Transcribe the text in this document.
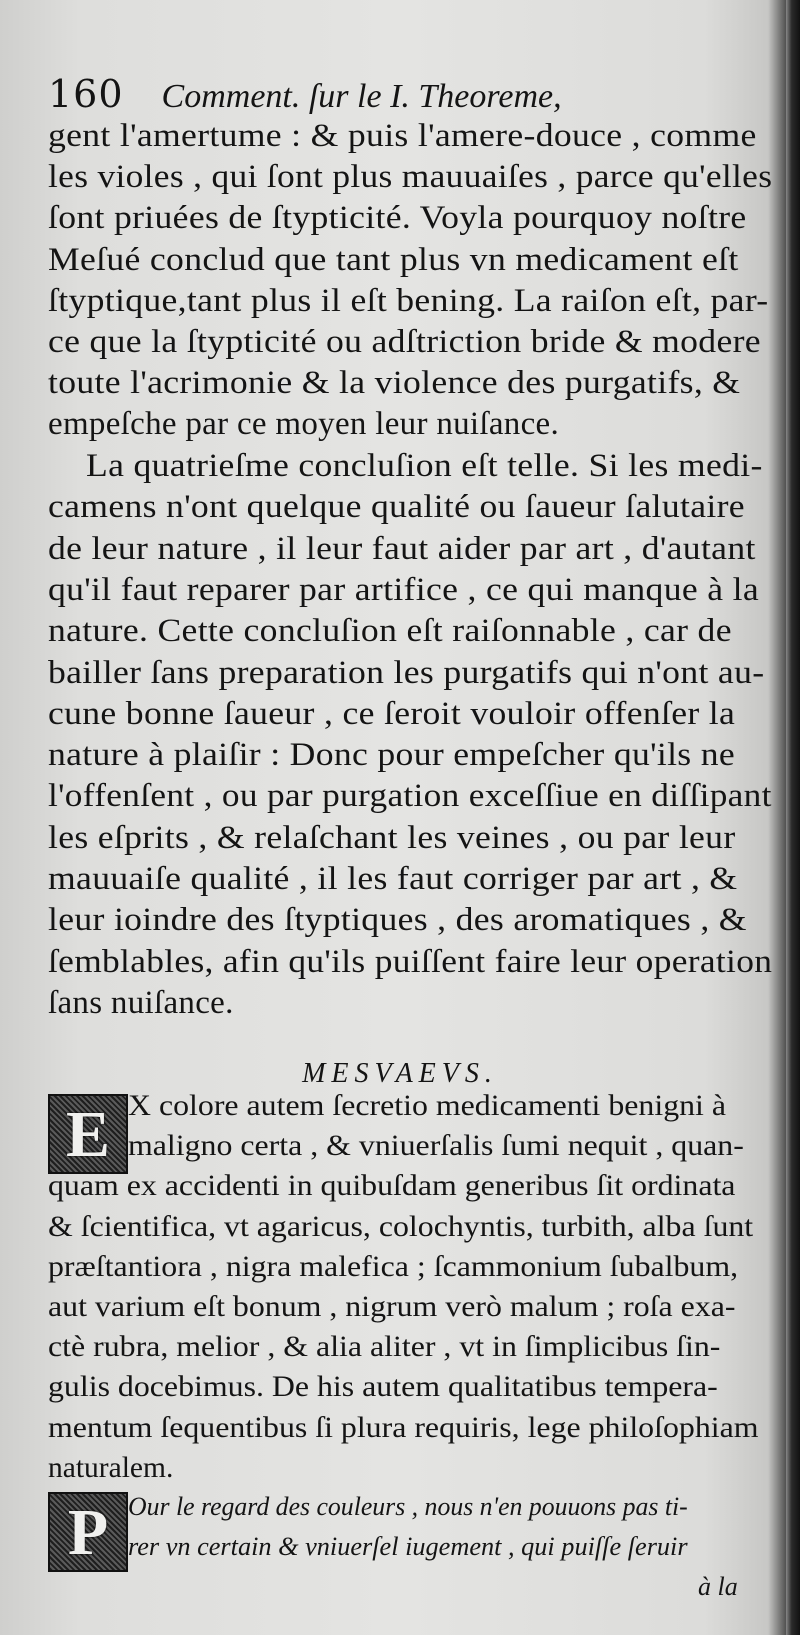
160 Comment. ſur le I. Theoreme,
gent l'amertume : & puis l'amere-douce , comme
les violes , qui ſont plus mauuaiſes , parce qu'elles
ſont priuées de ſtypticité. Voyla pourquoy noſtre
Meſué conclud que tant plus vn medicament eſt
ſtyptique,tant plus il eſt bening. La raiſon eſt, par-
ce que la ſtypticité ou adſtriction bride & modere
toute l'acrimonie & la violence des purgatifs, &
empeſche par ce moyen leur nuiſance.
La quatrieſme concluſion eſt telle. Si les medi-
camens n'ont quelque qualité ou ſaueur ſalutaire
de leur nature , il leur faut aider par art , d'autant
qu'il faut reparer par artifice , ce qui manque à la
nature. Cette concluſion eſt raiſonnable , car de
bailler ſans preparation les purgatifs qui n'ont au-
cune bonne ſaueur , ce ſeroit vouloir offenſer la
nature à plaiſir : Donc pour empeſcher qu'ils ne
l'offenſent , ou par purgation exceſſiue en diſſipant
les eſprits , & relaſchant les veines , ou par leur
mauuaiſe qualité , il les faut corriger par art , &
leur ioindre des ſtyptiques , des aromatiques , &
ſemblables, afin qu'ils puiſſent faire leur operation
ſans nuiſance.
MESVAEVS.
E X colore autem ſecretio medicamenti benigni à
maligno certa , & vniuerſalis ſumi nequit , quan-
quam ex accidenti in quibuſdam generibus ſit ordinata
& ſcientifica, vt agaricus, colochyntis, turbith, alba ſunt
præſtantiora , nigra malefica ; ſcammonium ſubalbum,
aut varium eſt bonum , nigrum verò malum ; roſa exa-
ctè rubra, melior , & alia aliter , vt in ſimplicibus ſin-
gulis docebimus. De his autem qualitatibus tempera-
mentum ſequentibus ſi plura requiris, lege philoſophiam
naturalem.
P Our le regard des couleurs , nous n'en pouuons pas ti-
rer vn certain & vniuerſel iugement , qui puiſſe ſeruir
à la
